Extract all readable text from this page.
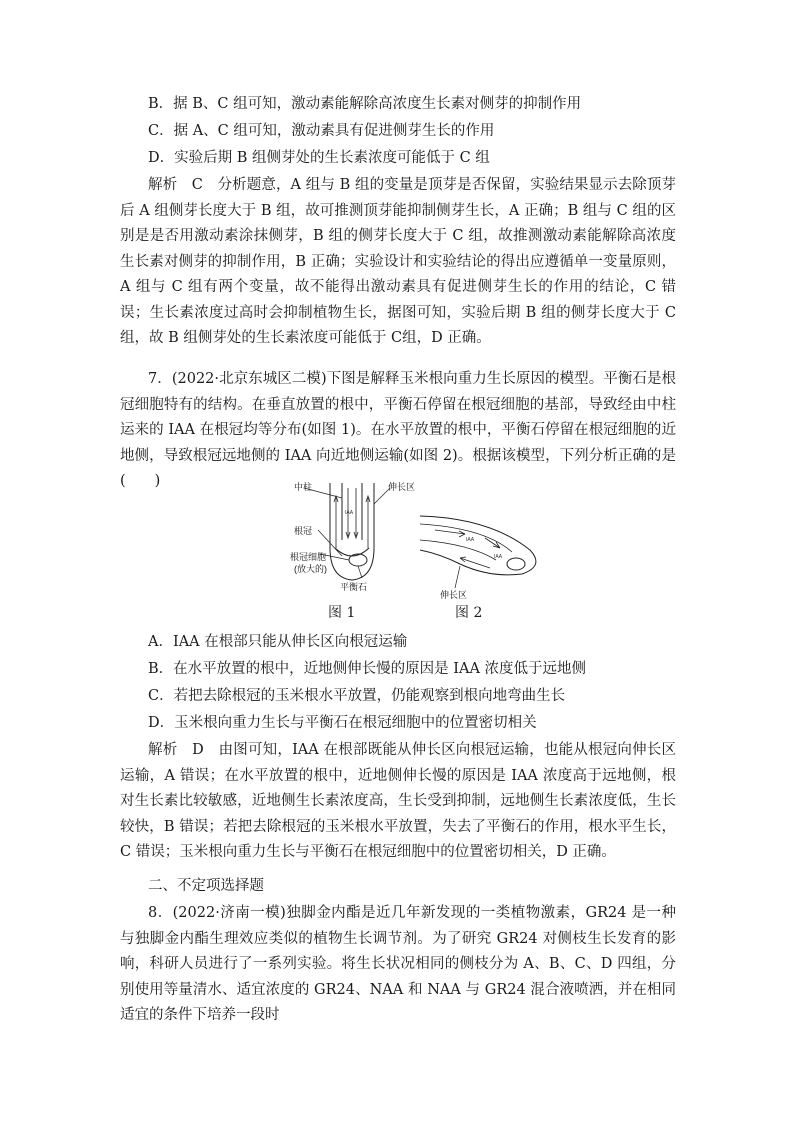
B．据 B、C 组可知，激动素能解除高浓度生长素对侧芽的抑制作用

C．据 A、C 组可知，激动素具有促进侧芽生长的作用

D．实验后期 B 组侧芽处的生长素浓度可能低于 C 组

解析　C　分析题意，A 组与 B 组的变量是顶芽是否保留，实验结果显示去除顶芽后 A 组侧芽长度大于 B 组，故可推测顶芽能抑制侧芽生长，A 正确；B 组与 C 组的区别是是否用激动素涂抹侧芽，B 组的侧芽长度大于 C 组，故推测激动素能解除高浓度生长素对侧芽的抑制作用，B 正确；实验设计和实验结论的得出应遵循单一变量原则，A 组与 C 组有两个变量，故不能得出激动素具有促进侧芽生长的作用的结论，C 错误；生长素浓度过高时会抑制植物生长，据图可知，实验后期 B 组的侧芽长度大于 C 组，故 B 组侧芽处的生长素浓度可能低于 C组，D 正确。

7．(2022·北京东城区二模)下图是解释玉米根向重力生长原因的模型。平衡石是根冠细胞特有的结构。在垂直放置的根中，平衡石停留在根冠细胞的基部，导致经由中柱运来的 IAA 在根冠均等分布(如图 1)。在水平放置的根中，平衡石停留在根冠细胞的近地侧，导致根冠远地侧的 IAA 向近地侧运输(如图 2)。根据该模型，下列分析正确的是(　　)	中柱	伸长区
根冠
根冠细胞
(放大的)
平衡石
伸长区
IAA
IAA
IAA
图 1	图 2

A．IAA 在根部只能从伸长区向根冠运输

B．在水平放置的根中，近地侧伸长慢的原因是 IAA 浓度低于远地侧

C．若把去除根冠的玉米根水平放置，仍能观察到根向地弯曲生长

D．玉米根向重力生长与平衡石在根冠细胞中的位置密切相关

解析　D　由图可知，IAA 在根部既能从伸长区向根冠运输，也能从根冠向伸长区运输，A 错误；在水平放置的根中，近地侧伸长慢的原因是 IAA 浓度高于远地侧，根对生长素比较敏感，近地侧生长素浓度高，生长受到抑制，远地侧生长素浓度低，生长较快，B 错误；若把去除根冠的玉米根水平放置，失去了平衡石的作用，根水平生长，C 错误；玉米根向重力生长与平衡石在根冠细胞中的位置密切相关，D 正确。

二、不定项选择题

8．(2022·济南一模)独脚金内酯是近几年新发现的一类植物激素，GR24 是一种与独脚金内酯生理效应类似的植物生长调节剂。为了研究 GR24 对侧枝生长发育的影响，科研人员进行了一系列实验。将生长状况相同的侧枝分为 A、B、C、D 四组，分别使用等量清水、适宜浓度的 GR24、NAA 和 NAA 与 GR24 混合液喷洒，并在相同适宜的条件下培养一段时
